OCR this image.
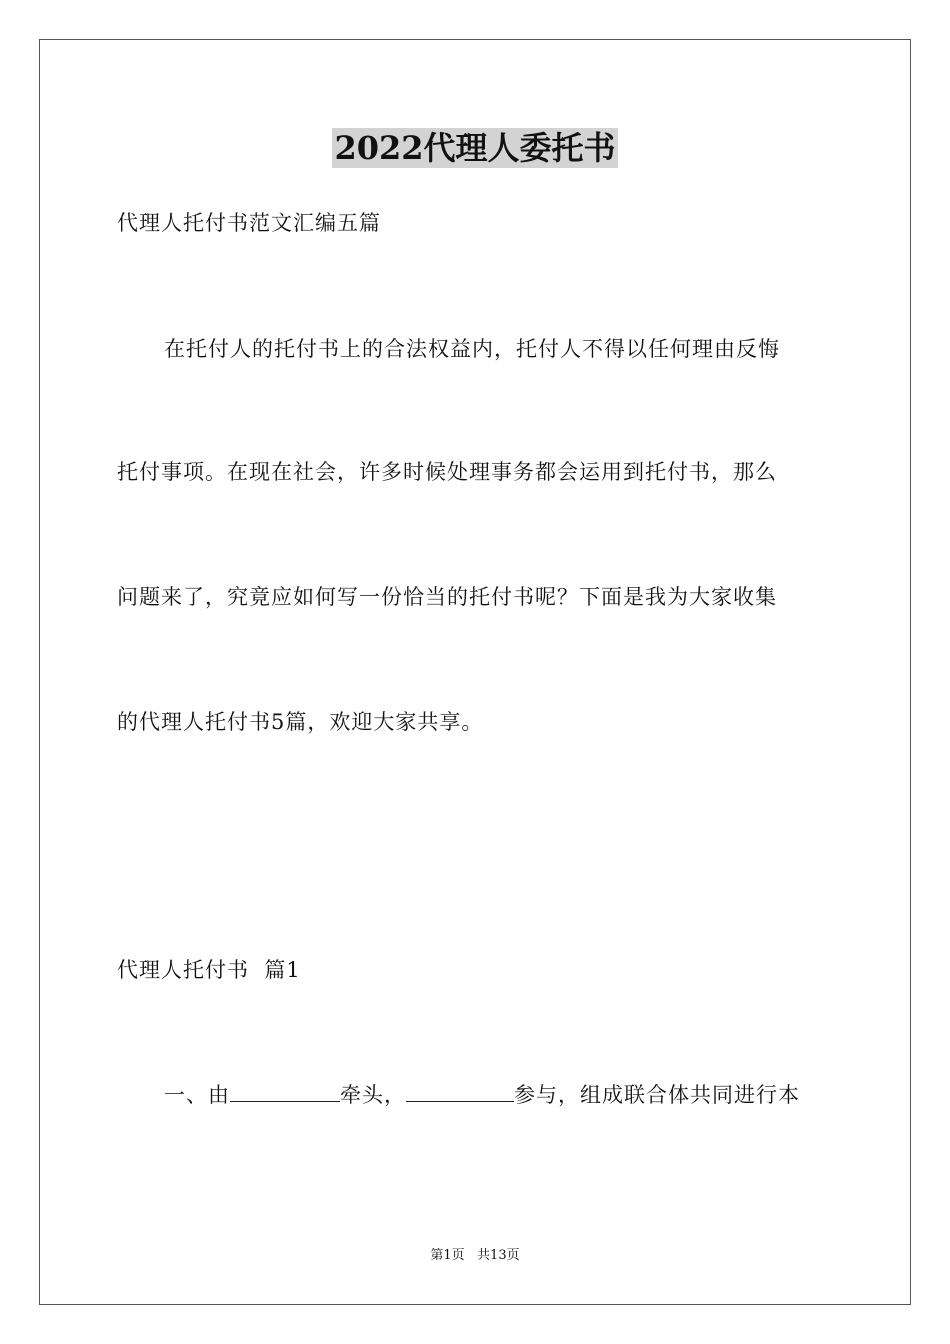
2022代理人委托书

代理人托付书范文汇编五篇

在托付人的托付书上的合法权益内，托付人不得以任何理由反悔

托付事项。在现在社会，许多时候处理事务都会运用到托付书，那么

问题来了，究竟应如何写一份恰当的托付书呢？下面是我为大家收集

的代理人托付书5篇，欢迎大家共享。

代理人托付书  篇1

一、由	牵头，	参与，组成联合体共同进行本

第1页   共13页
